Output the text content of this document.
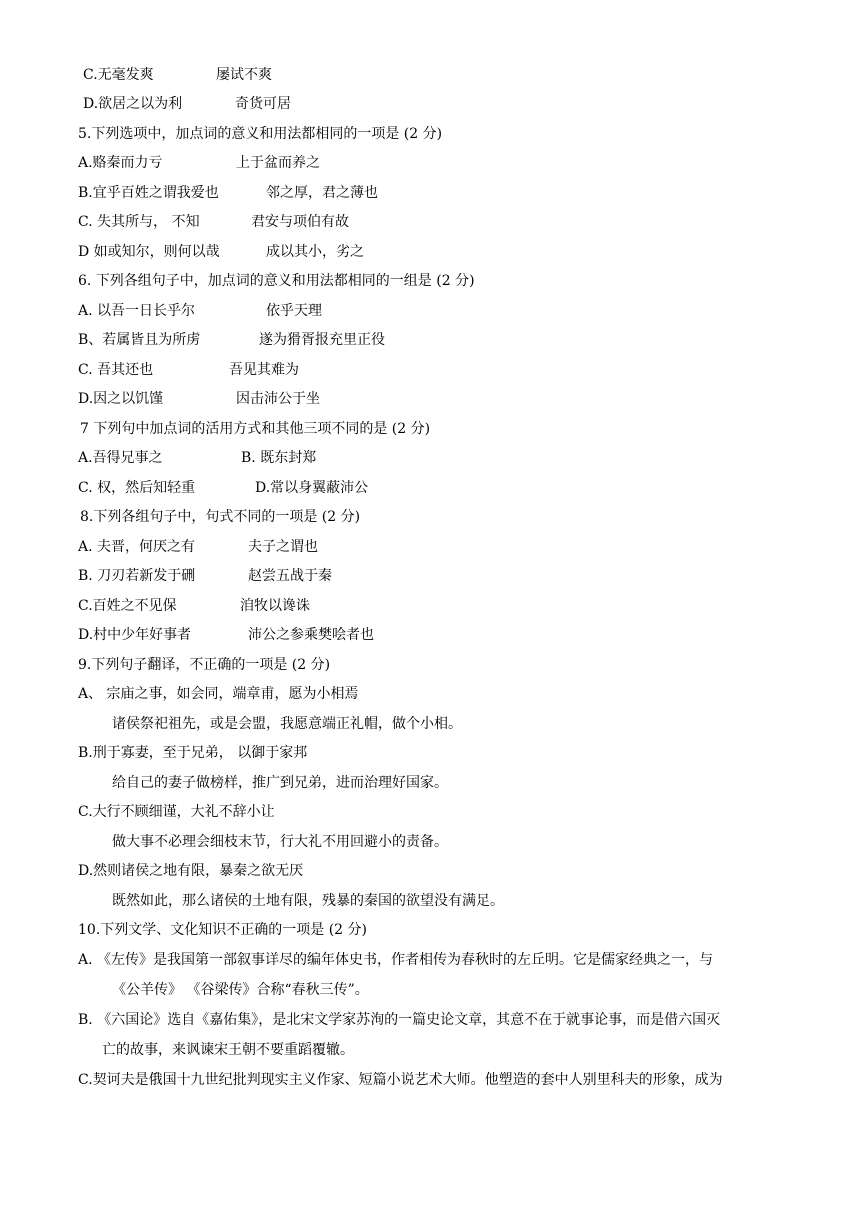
C.无毫发爽	屡试不爽
D.欲居之以为利	奇货可居
5.下列选项中，加点词的意义和用法都相同的一项是 (2 分)
A.赂秦而力亏	上于盆而养之
B.宜乎百姓之谓我爱也	邻之厚，君之薄也
C. 失其所与， 不知	君安与项伯有故
D 如或知尔，则何以哉	成以其小，劣之
6. 下列各组句子中，加点词的意义和用法都相同的一组是 (2 分)
A. 以吾一日长乎尔	依乎天理
B、若属皆且为所虏	遂为猾胥报充里正役
C. 吾其还也	吾见其难为
D.因之以饥馑	因击沛公于坐
7 下列句中加点词的活用方式和其他三项不同的是 (2 分)
A.吾得兄事之	B. 既东封郑
C. 权，然后知轻重	D.常以身翼蔽沛公
8.下列各组句子中，句式不同的一项是 (2 分)
A. 夫晋，何厌之有	夫子之谓也
B. 刀刃若新发于硎	赵尝五战于秦
C.百姓之不见保	洎牧以谗诛
D.村中少年好事者	沛公之参乘樊哙者也
9.下列句子翻译，不正确的一项是 (2 分)
A、 宗庙之事，如会同，端章甫，愿为小相焉
诸侯祭祀祖先，或是会盟，我愿意端正礼帽，做个小相。
B.刑于寡妻，至于兄弟， 以御于家邦
给自己的妻子做榜样，推广到兄弟，进而治理好国家。
C.大行不顾细谨，大礼不辞小让
做大事不必理会细枝末节，行大礼不用回避小的责备。
D.然则诸侯之地有限，暴秦之欲无厌
既然如此，那么诸侯的土地有限，残暴的秦国的欲望没有满足。
10.下列文学、文化知识不正确的一项是 (2 分)
A. 《左传》是我国第一部叙事详尽的编年体史书，作者相传为春秋时的左丘明。它是儒家经典之一，与
《公羊传》 《谷梁传》合称“春秋三传”。
B. 《六国论》选自《嘉佑集》，是北宋文学家苏洵的一篇史论文章，其意不在于就事论事，而是借六国灭
亡的故事，来讽谏宋王朝不要重蹈覆辙。
C.契诃夫是俄国十九世纪批判现实主义作家、短篇小说艺术大师。他塑造的套中人别里科夫的形象，成为
